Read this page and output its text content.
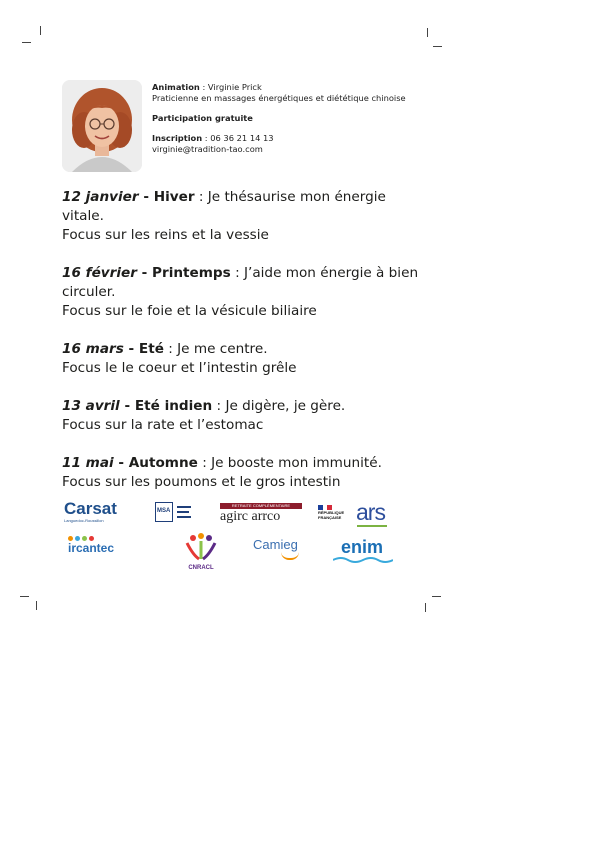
Animation : Virginie Prick
Praticienne en massages énergétiques et diététique chinoise
Participation gratuite
Inscription : 06 36 21 14 13
virginie@tradition-tao.com
12 janvier - Hiver : Je thésaurise mon énergie vitale.
Focus sur les reins et la vessie
16 février - Printemps : J’aide mon énergie à bien circuler.
Focus sur le foie et la vésicule biliaire
16 mars - Eté : Je me centre.
Focus le le coeur et l’intestin grêle
13 avril - Eté indien : Je digère, je gère.
Focus sur la rate et l’estomac
11 mai - Automne : Je booste mon immunité.
Focus sur les poumons et le gros intestin
Carsat
Languedoc-Roussillon
MSA
RETRAITE COMPLÉMENTAIRE
agirc arrco	RÉPUBLIQUE FRANÇAISE ars
ircantec
CNRACL
Camieg	enim
